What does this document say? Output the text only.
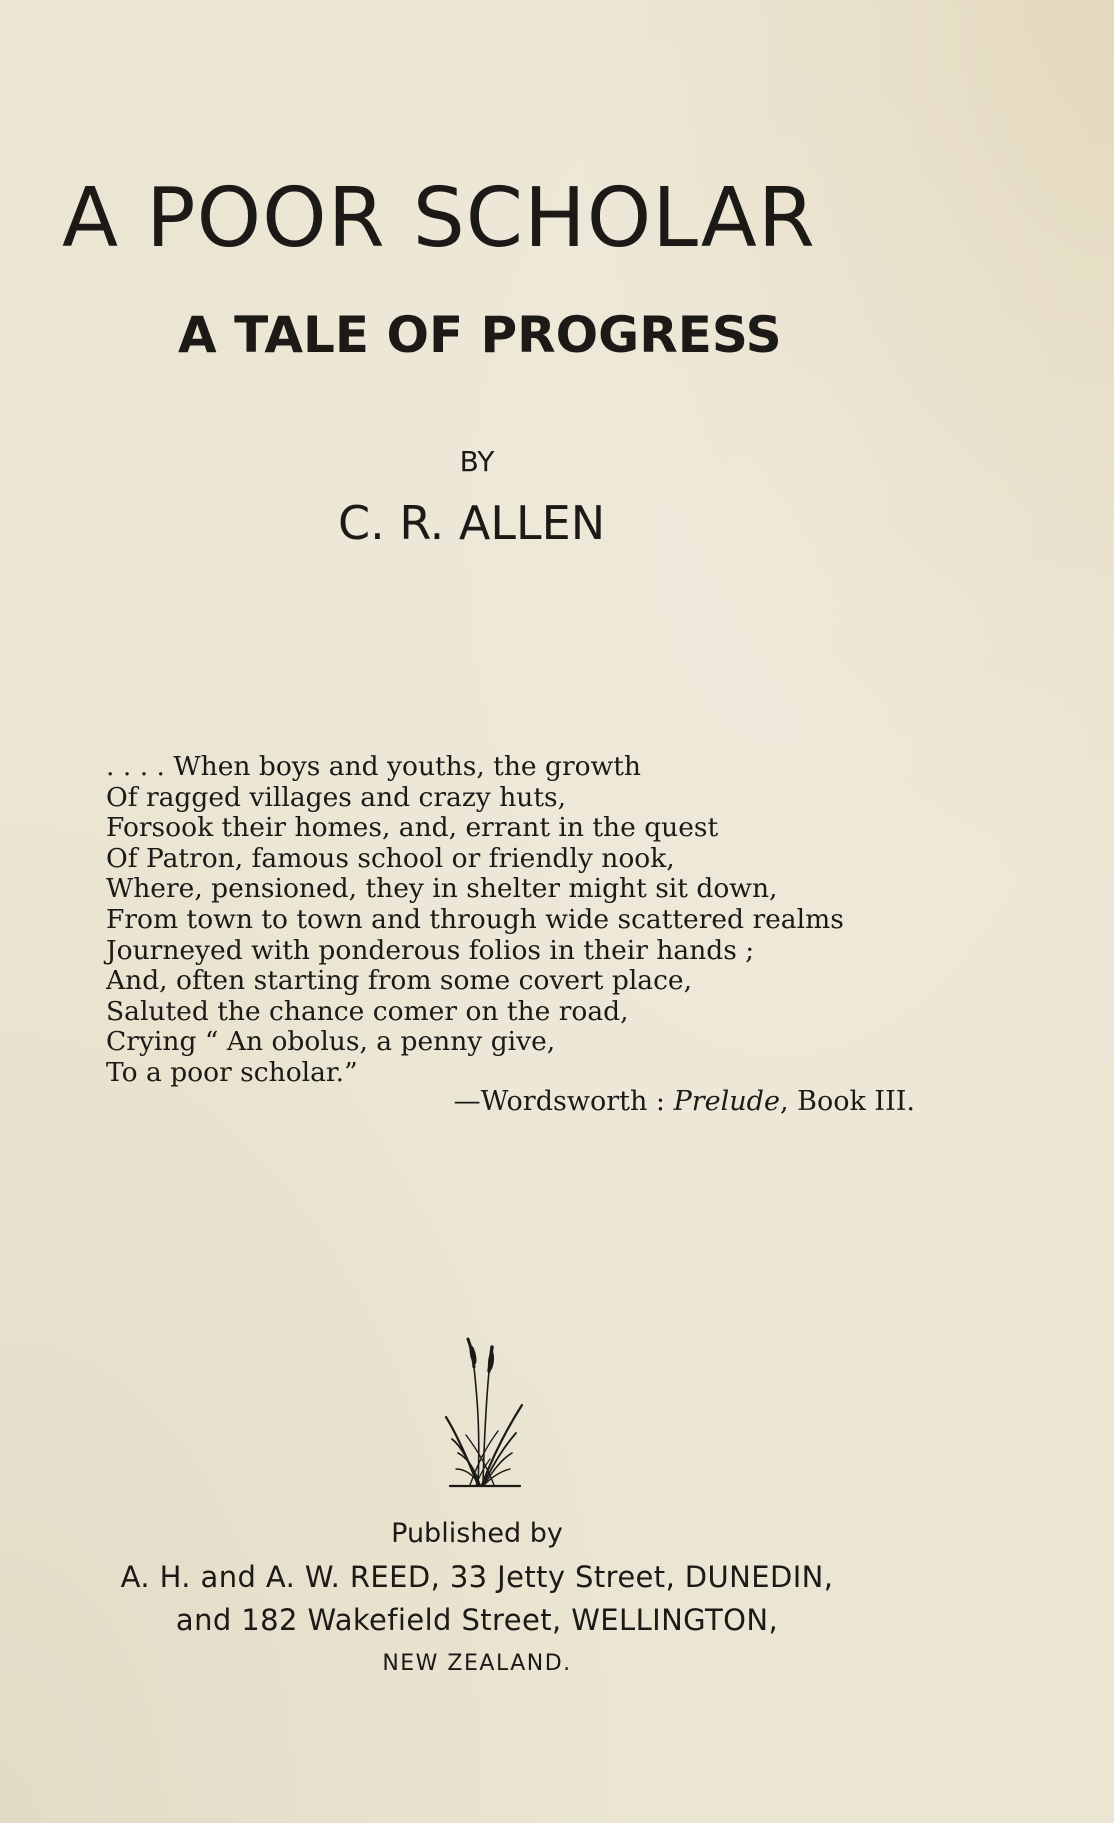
A POOR SCHOLAR
A TALE OF PROGRESS
BY
C. R. ALLEN
. . . . When boys and youths, the growth
Of ragged villages and crazy huts,
Forsook their homes, and, errant in the quest
Of Patron, famous school or friendly nook,
Where, pensioned, they in shelter might sit down,
From town to town and through wide scattered realms
Journeyed with ponderous folios in their hands ;
And, often starting from some covert place,
Saluted the chance comer on the road,
Crying “ An obolus, a penny give,
To a poor scholar.”
—Wordsworth : Prelude, Book III.
Published by
A. H. and A. W. REED, 33 Jetty Street, DUNEDIN,
and 182 Wakefield Street, WELLINGTON,
NEW ZEALAND.
